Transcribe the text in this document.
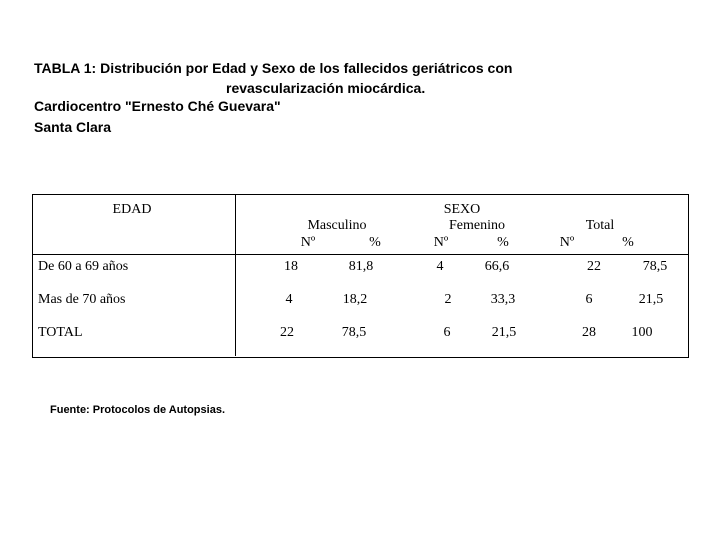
TABLA 1: Distribución por Edad y Sexo de los fallecidos geriátricos con
revascularización miocárdica.
Cardiocentro "Ernesto Ché Guevara"
Santa Clara
EDAD	SEXO
Masculino	Femenino	Total
Nº	%	Nº	%	Nº	%
De 60 a 69 años	18	81,8	4	66,6	22	78,5
Mas de 70 años	4	18,2	2	33,3	6	21,5
TOTAL	22	78,5	6	21,5	28	100
Fuente: Protocolos de Autopsias.
